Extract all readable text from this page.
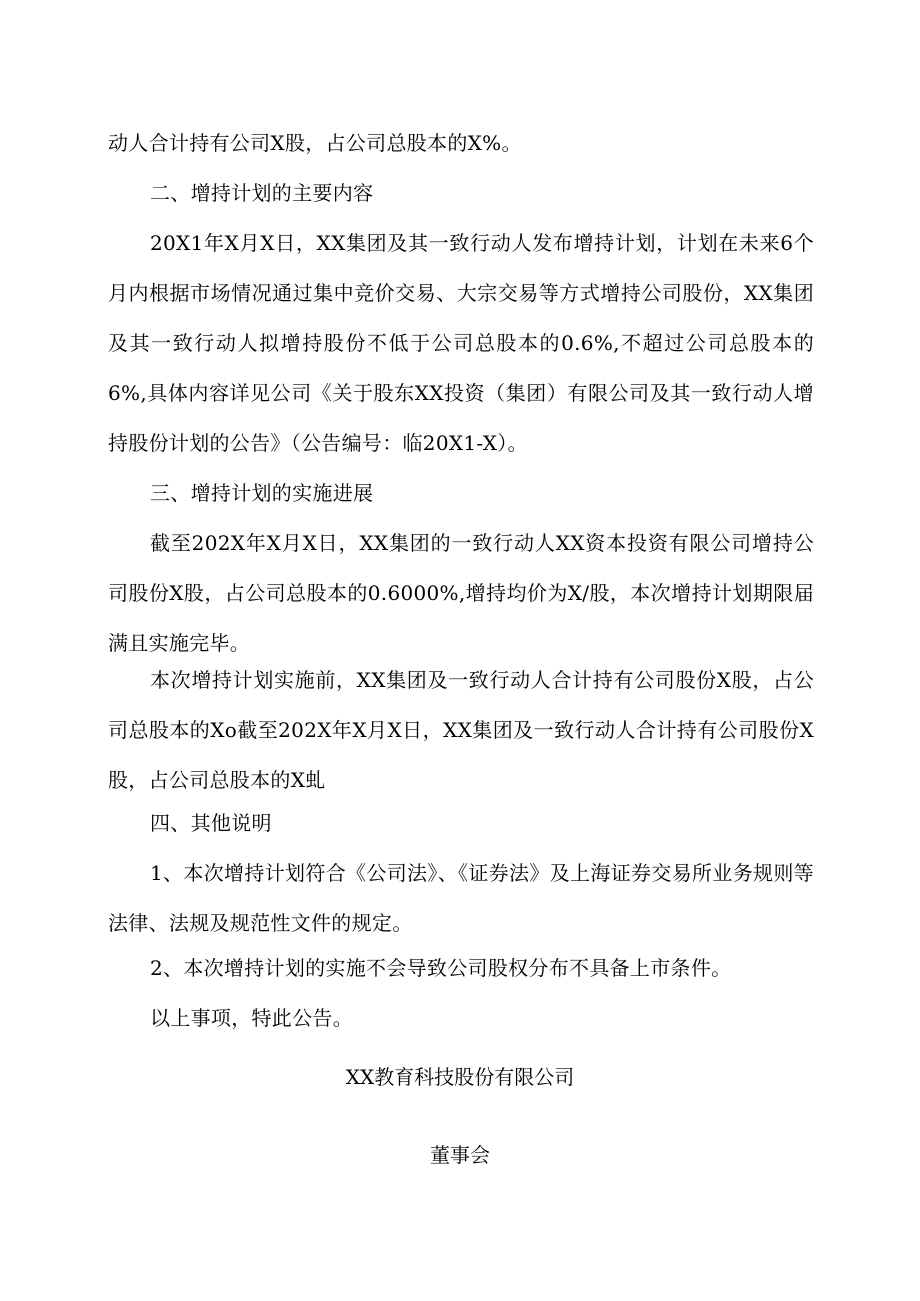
动人合计持有公司X股，占公司总股本的X%。

二、增持计划的主要内容

20X1年X月X日，XX集团及其一致行动人发布增持计划，计划在未来6个月内根据市场情况通过集中竞价交易、大宗交易等方式增持公司股份，XX集团及其一致行动人拟增持股份不低于公司总股本的0.6%,不超过公司总股本的6%,具体内容详见公司《关于股东XX投资（集团）有限公司及其一致行动人增持股份计划的公告》（公告编号：临20X1-X）。

三、增持计划的实施进展

截至202X年X月X日，XX集团的一致行动人XX资本投资有限公司增持公司股份X股，占公司总股本的0.6000%,增持均价为X/股，本次增持计划期限届满且实施完毕。

本次增持计划实施前，XX集团及一致行动人合计持有公司股份X股，占公司总股本的Xo截至202X年X月X日，XX集团及一致行动人合计持有公司股份X股，占公司总股本的X虬

四、其他说明

1、本次增持计划符合《公司法》、《证券法》及上海证券交易所业务规则等法律、法规及规范性文件的规定。

2、本次增持计划的实施不会导致公司股权分布不具备上市条件。

以上事项，特此公告。

XX教育科技股份有限公司

董事会
